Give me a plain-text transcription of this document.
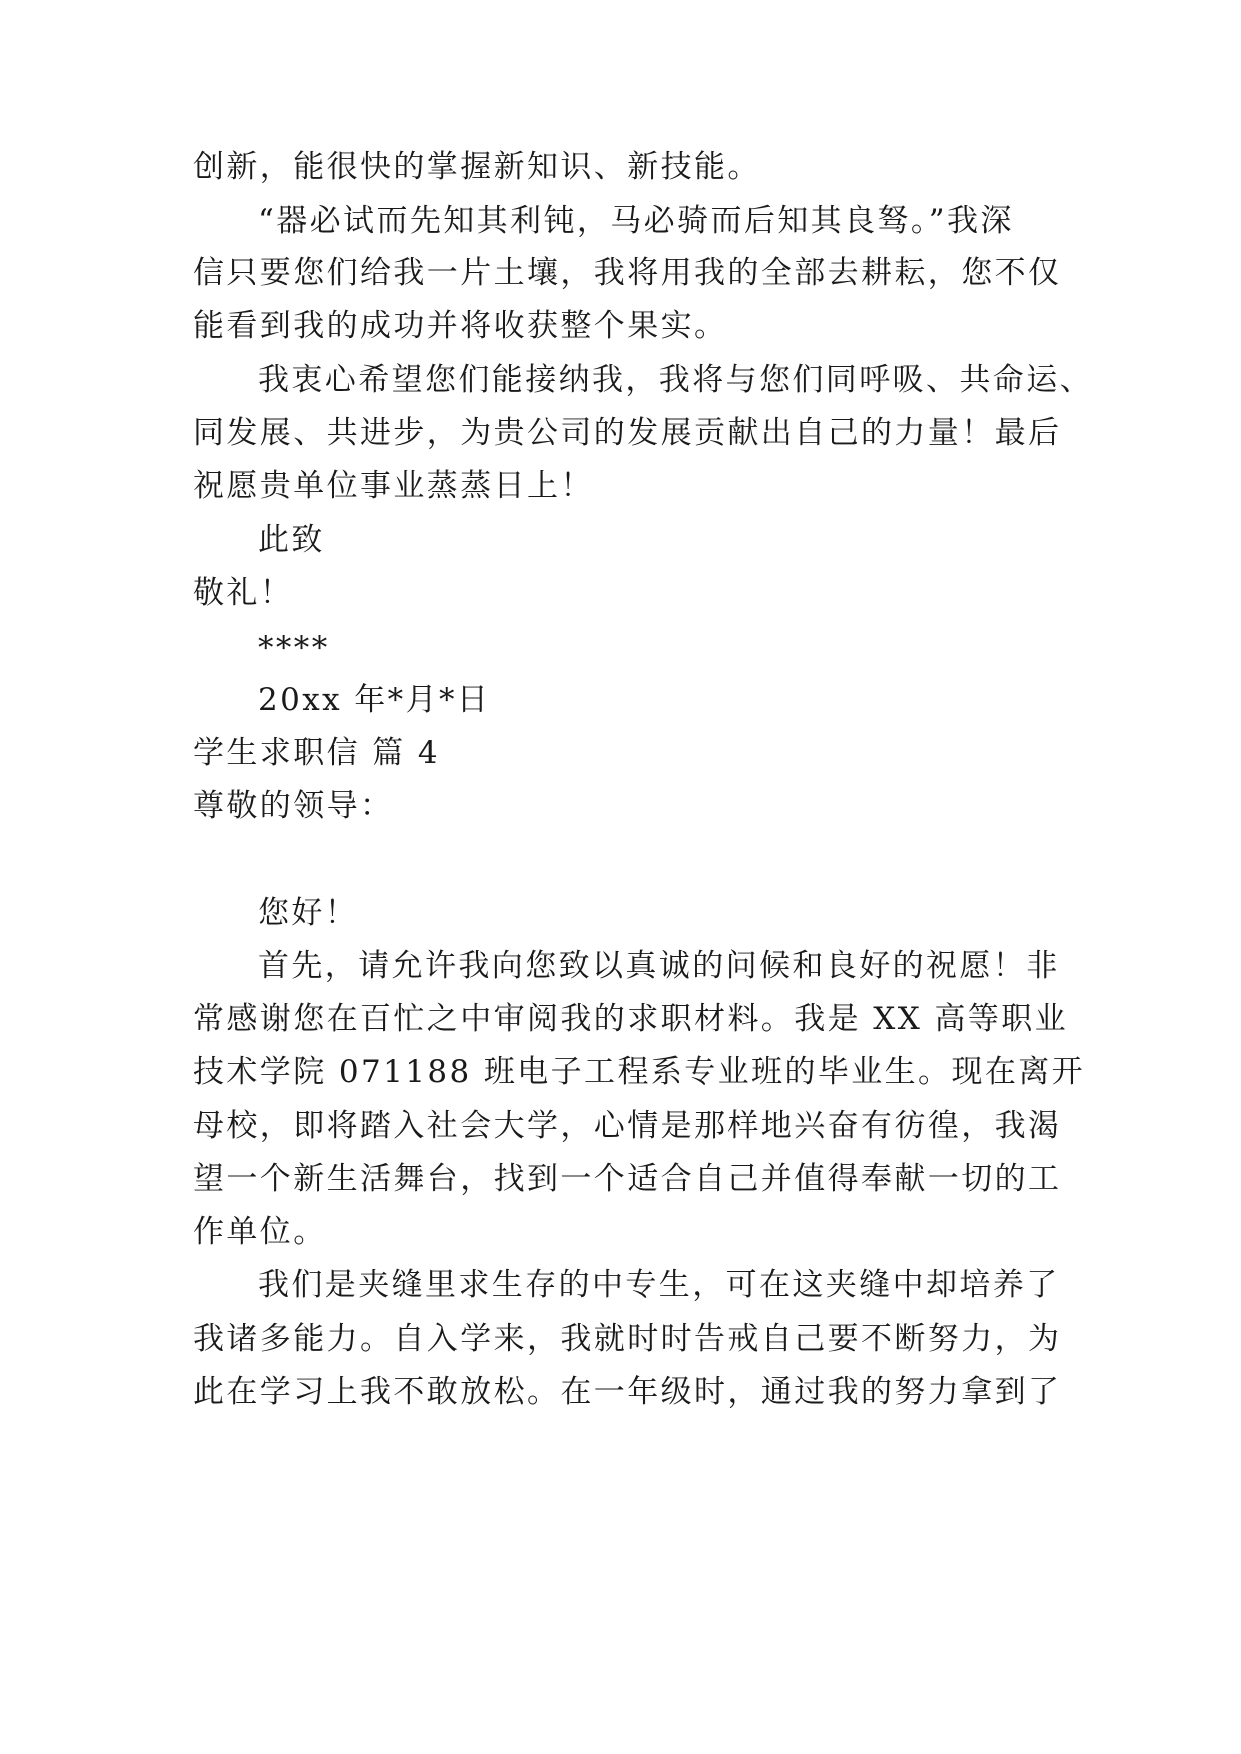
创新，能很快的掌握新知识、新技能。
“器必试而先知其利钝，马必骑而后知其良驽。”我深
信只要您们给我一片土壤，我将用我的全部去耕耘，您不仅
能看到我的成功并将收获整个果实。
我衷心希望您们能接纳我，我将与您们同呼吸、共命运、
同发展、共进步，为贵公司的发展贡献出自己的力量！最后
祝愿贵单位事业蒸蒸日上！
此致
敬礼！
****
20xx 年*月*日
学生求职信 篇 4
尊敬的领导：
您好！
首先，请允许我向您致以真诚的问候和良好的祝愿！非
常感谢您在百忙之中审阅我的求职材料。我是 XX 高等职业
技术学院 071188 班电子工程系专业班的毕业生。现在离开
母校，即将踏入社会大学，心情是那样地兴奋有彷徨，我渴
望一个新生活舞台，找到一个适合自己并值得奉献一切的工
作单位。
我们是夹缝里求生存的中专生，可在这夹缝中却培养了
我诸多能力。自入学来，我就时时告戒自己要不断努力，为
此在学习上我不敢放松。在一年级时，通过我的努力拿到了
